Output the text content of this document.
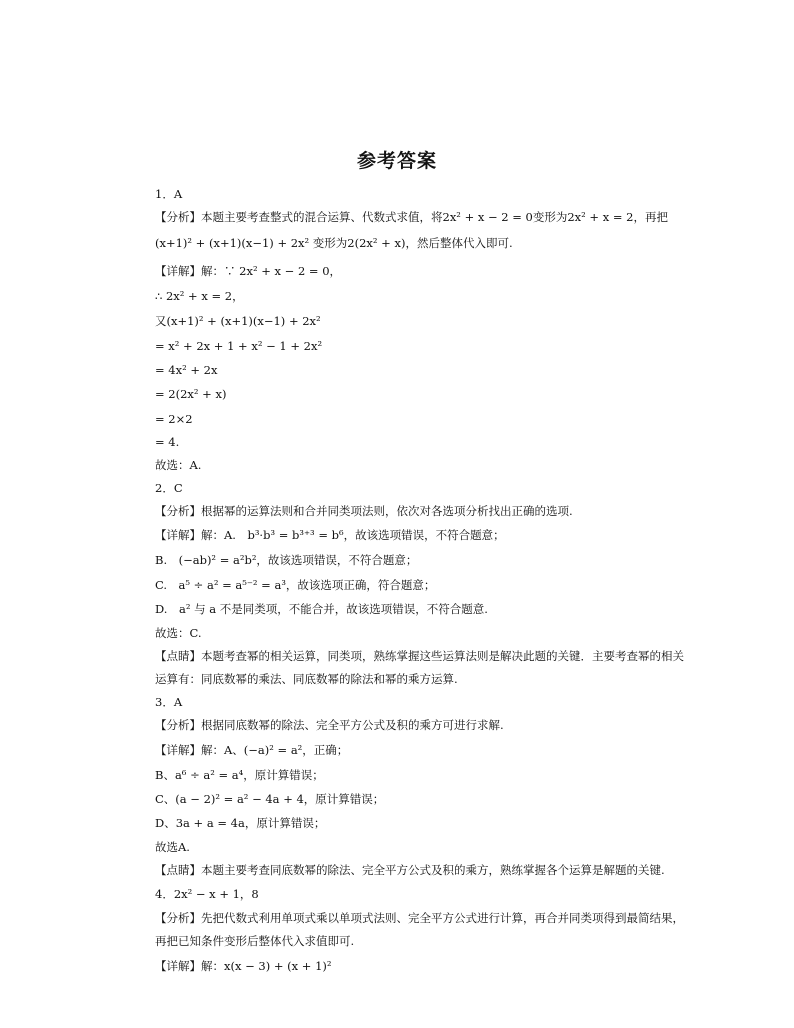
参考答案
1．A
【分析】本题主要考查整式的混合运算、代数式求值，将2x² + x − 2 = 0变形为2x² + x = 2，再把
(x+1)² + (x+1)(x−1) + 2x² 变形为2(2x² + x)，然后整体代入即可.
【详解】解：∵ 2x² + x − 2 = 0，
∴ 2x² + x = 2，
又(x+1)² + (x+1)(x−1) + 2x²
= x² + 2x + 1 + x² − 1 + 2x²
= 4x² + 2x
= 2(2x² + x)
= 2×2
= 4.
故选：A.
2．C
【分析】根据幂的运算法则和合并同类项法则，依次对各选项分析找出正确的选项.
【详解】解：A.　b³·b³ = b³⁺³ = b⁶，故该选项错误，不符合题意；
B.　(−ab)² = a²b²，故该选项错误，不符合题意；
C.　a⁵ ÷ a² = a⁵⁻² = a³，故该选项正确，符合题意；
D.　a² 与 a 不是同类项，不能合并，故该选项错误，不符合题意.
故选：C.
【点睛】本题考查幂的相关运算，同类项，熟练掌握这些运算法则是解决此题的关键．主要考查幂的相关
运算有：同底数幂的乘法、同底数幂的除法和幂的乘方运算.
3．A
【分析】根据同底数幂的除法、完全平方公式及积的乘方可进行求解.
【详解】解：A、(−a)² = a²，正确；
B、a⁶ ÷ a² = a⁴，原计算错误；
C、(a − 2)² = a² − 4a + 4，原计算错误；
D、3a + a = 4a，原计算错误；
故选A.
【点睛】本题主要考查同底数幂的除法、完全平方公式及积的乘方，熟练掌握各个运算是解题的关键.
4．2x² − x + 1，8
【分析】先把代数式利用单项式乘以单项式法则、完全平方公式进行计算，再合并同类项得到最简结果，
再把已知条件变形后整体代入求值即可.
【详解】解：x(x − 3) + (x + 1)²
